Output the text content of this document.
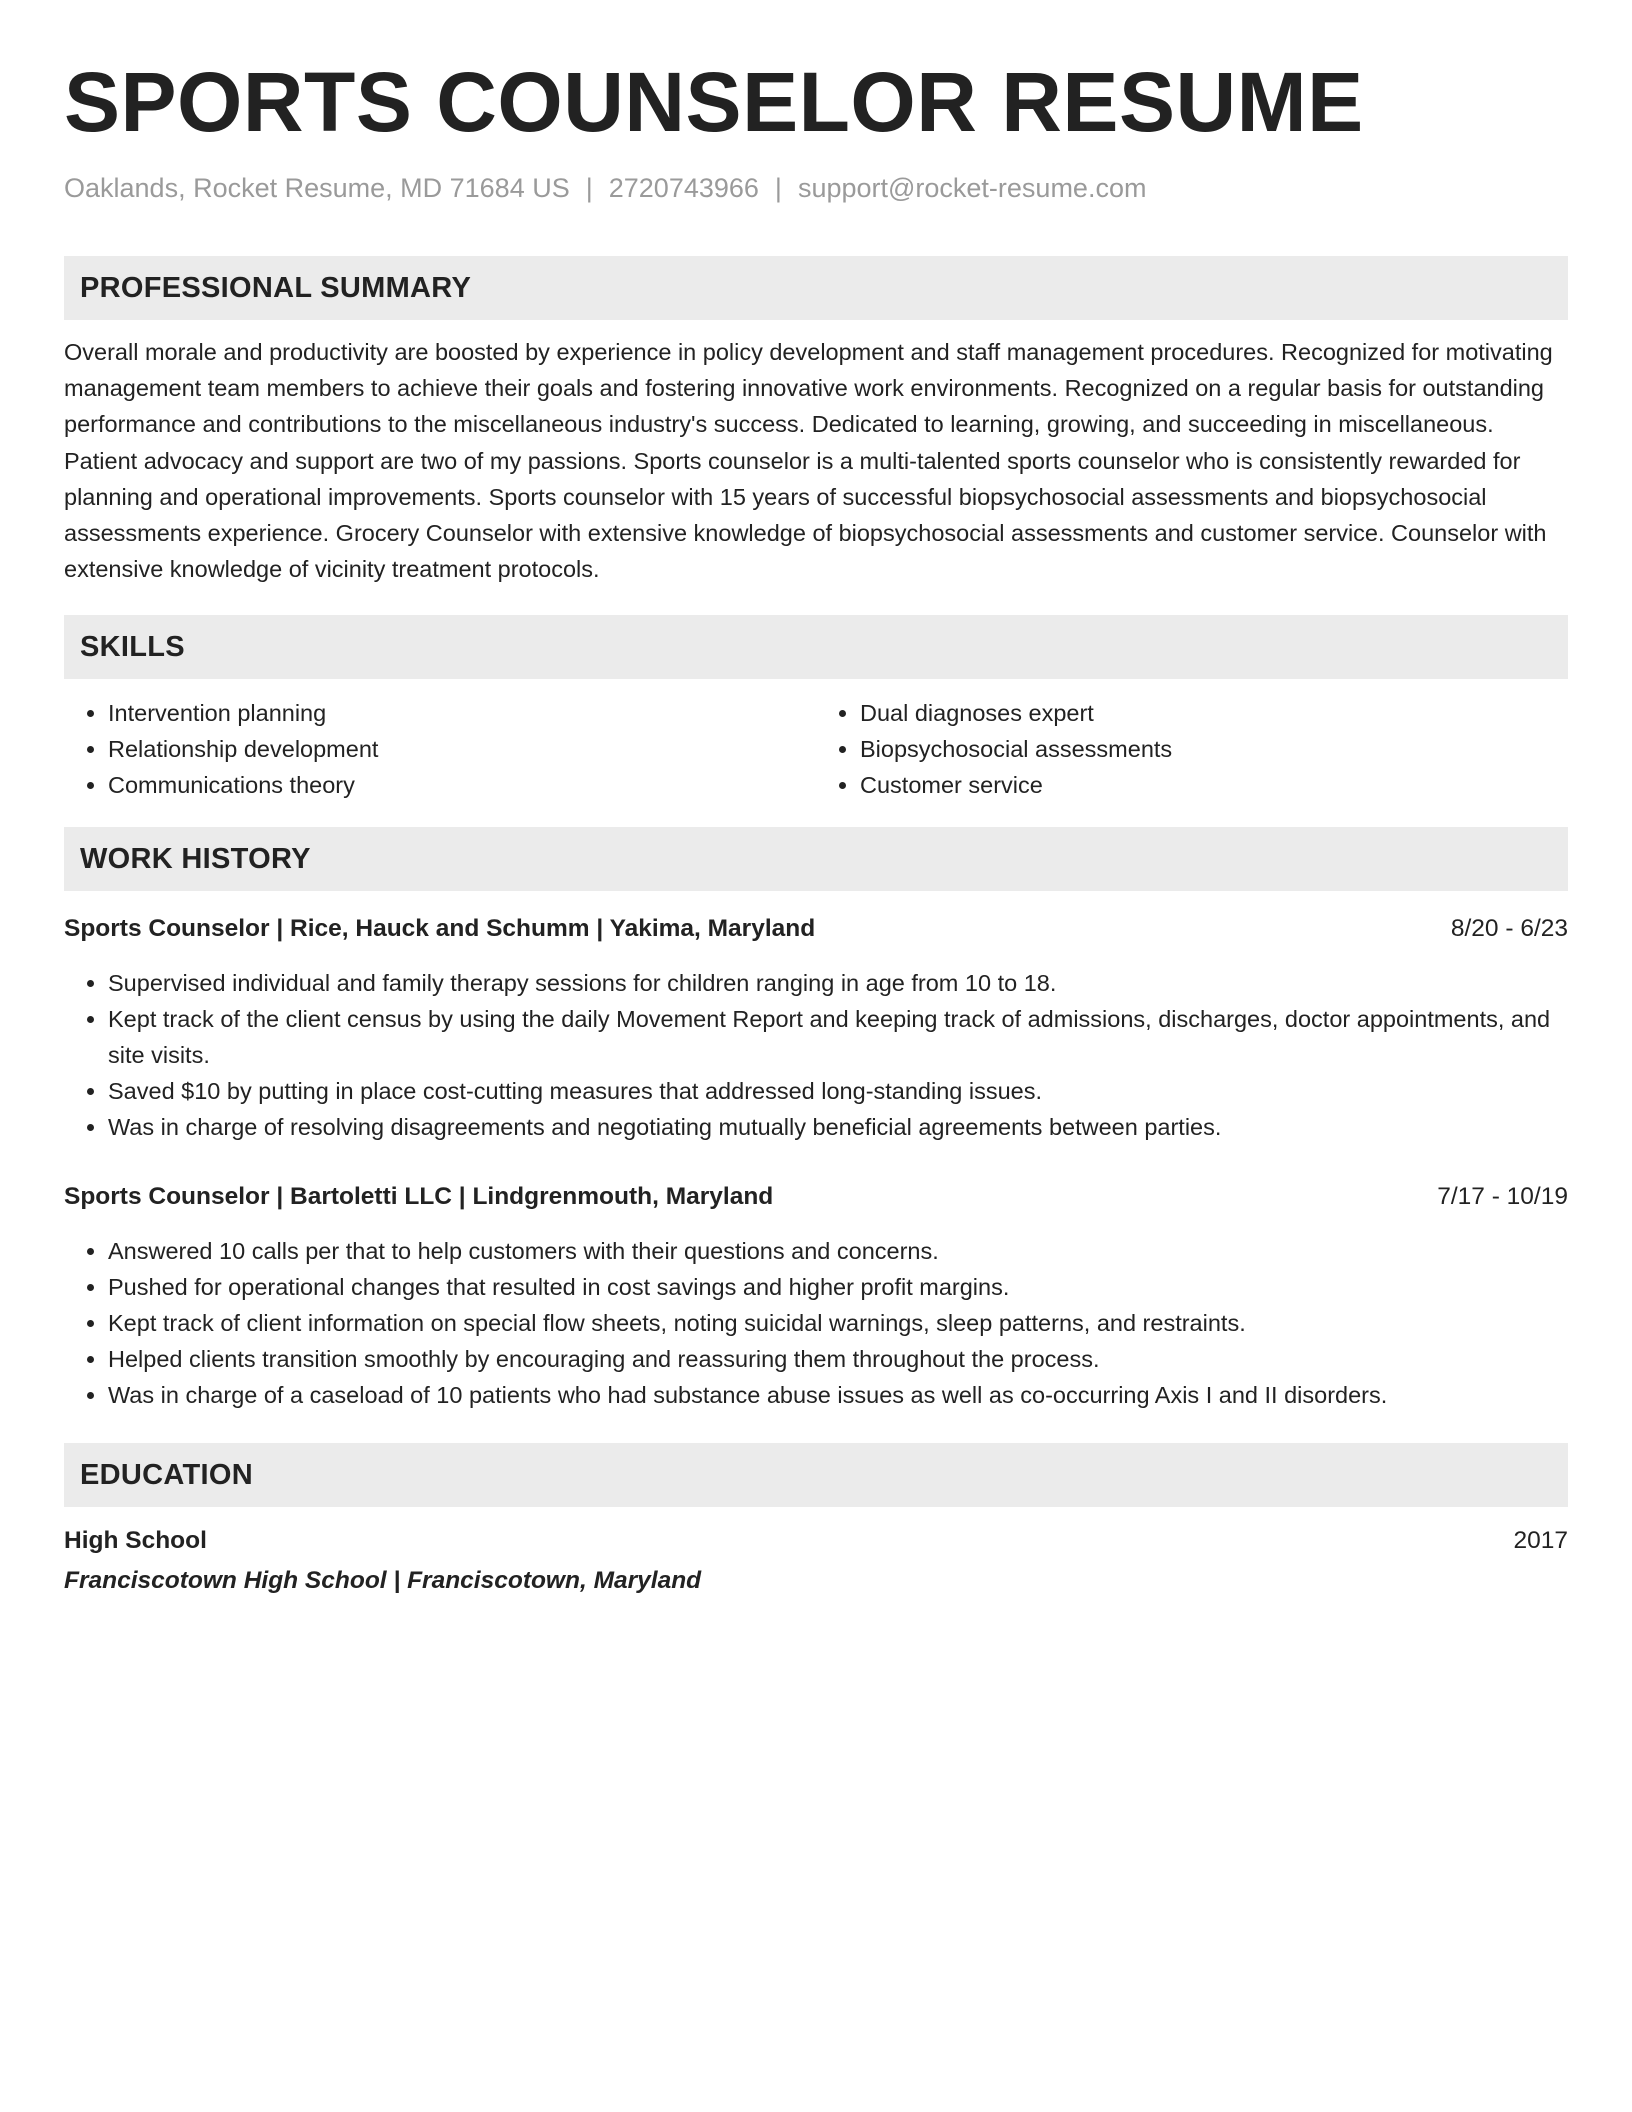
SPORTS COUNSELOR RESUME
Oaklands, Rocket Resume, MD 71684 US | 2720743966 | support@rocket-resume.com
PROFESSIONAL SUMMARY
Overall morale and productivity are boosted by experience in policy development and staff management procedures. Recognized for motivating management team members to achieve their goals and fostering innovative work environments. Recognized on a regular basis for outstanding performance and contributions to the miscellaneous industry's success. Dedicated to learning, growing, and succeeding in miscellaneous. Patient advocacy and support are two of my passions. Sports counselor is a multi-talented sports counselor who is consistently rewarded for planning and operational improvements. Sports counselor with 15 years of successful biopsychosocial assessments and biopsychosocial assessments experience. Grocery Counselor with extensive knowledge of biopsychosocial assessments and customer service. Counselor with extensive knowledge of vicinity treatment protocols.
SKILLS
• Intervention planning
• Relationship development
• Communications theory
• Dual diagnoses expert
• Biopsychosocial assessments
• Customer service
WORK HISTORY
Sports Counselor | Rice, Hauck and Schumm | Yakima, Maryland	8/20 - 6/23
• Supervised individual and family therapy sessions for children ranging in age from 10 to 18.
• Kept track of the client census by using the daily Movement Report and keeping track of admissions, discharges, doctor appointments, and site visits.
• Saved $10 by putting in place cost-cutting measures that addressed long-standing issues.
• Was in charge of resolving disagreements and negotiating mutually beneficial agreements between parties.
Sports Counselor | Bartoletti LLC | Lindgrenmouth, Maryland	7/17 - 10/19
• Answered 10 calls per that to help customers with their questions and concerns.
• Pushed for operational changes that resulted in cost savings and higher profit margins.
• Kept track of client information on special flow sheets, noting suicidal warnings, sleep patterns, and restraints.
• Helped clients transition smoothly by encouraging and reassuring them throughout the process.
• Was in charge of a caseload of 10 patients who had substance abuse issues as well as co-occurring Axis I and II disorders.
EDUCATION
High School	2017
Franciscotown High School | Franciscotown, Maryland
